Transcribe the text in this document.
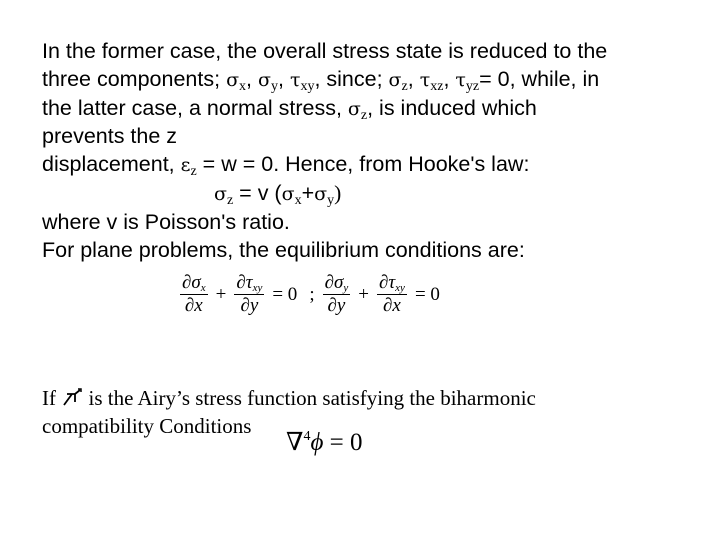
In the former case, the overall stress state is reduced to the
three components; $\sigma_x$, $\sigma_y$, $\tau_{xy}$, since; $\sigma_z$, $\tau_{xz}$, $\tau_{yz}= 0$, while, in
the latter case, a normal stress, $\sigma_z$, is induced which
prevents the z
displacement, $\varepsilon_z = w = 0$. Hence, from Hooke's law:
$\sigma_z = v$ $(\sigma_x+\sigma_y)$
where v is Poisson's ratio.
For plane problems, the equilibrium conditions are:
$\frac{\partial\sigma_x}{\partial x} + \frac{\partial\tau_{xy}}{\partial y} = 0$ ; $\frac{\partial\sigma_y}{\partial y} + \frac{\partial\tau_{xy}}{\partial x} = 0$
If  is the Airy’s stress function satisfying the biharmonic
compatibility Conditions
∇$^4$ϕ = 0
